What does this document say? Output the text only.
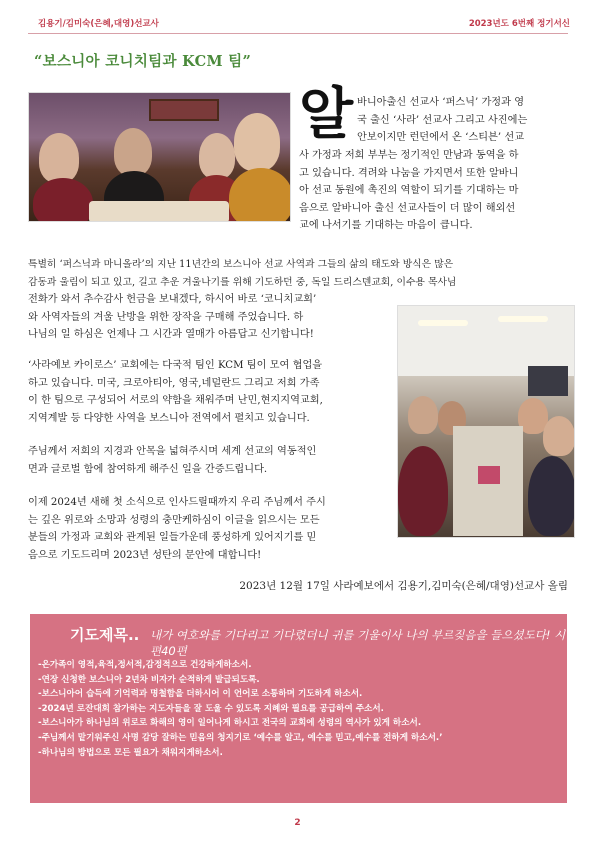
김용기/김미숙(은혜,대영)선교사	2023년도 6번째 정기서신
“보스니아 코니치팀과 KCM 팀”
알 바니아출신 선교사 ‘퍼스닉’ 가정과 영
국 출신 ‘사라’ 선교사 그리고 사진에는
안보이지만 런던에서 온 ‘스티븐’ 선교
사 가정과 저희 부부는 정기적인 만남과 동역을 하
고 있습니다. 격려와 나눔을 가지면서 또한 알바니
아 선교 동원에 촉진의 역할이 되기를 기대하는 마
음으로 알바니아 출신 선교사들이 더 많이 해외선
교에 나서기를 기대하는 마음이 큽니다.
특별히 ‘퍼스닉과 마니올라’의 지난 11년간의 보스니아 선교 사역과 그들의 삶의 태도와 방식은 많은
감동과 울림이 되고 있고, 길고 추운 겨울나기를 위해 기도하던 중, 독일 드리스덴교회, 이수용 목사님
전화가 와서 추수감사 헌금을 보내겠다, 하시어 바로 ‘코니치교회’
와 사역자들의 겨울 난방을 위한 장작을 구매해 주었습니다. 하
나님의 일 하심은 언제나 그 시간과 열매가 아름답고 신기합니다!
‘사라예보 카이로스’ 교회에는 다국적 팀인 KCM 팀이 모여 협업을
하고 있습니다. 미국, 크로아티아, 영국,네덜란드 그리고 저희 가족
이 한 팀으로 구성되어 서로의 약함을 채워주며 난민,현지지역교회,
지역계발 등 다양한 사역을 보스니아 전역에서 펼치고 있습니다.
주님께서 저희의 지경과 안목을 넓혀주시며 세계 선교의 역동적인
면과 글로벌 함에 참여하게 해주신 일을 간증드립니다.
이제 2024년 새해 첫 소식으로 인사드릴때까지 우리 주님께서 주시
는 깊은 위로와 소망과 성령의 충만케하심이 이글을 읽으시는 모든
분들의 가정과 교회와 관계된 일들가운데 풍성하게 있어지기를 믿
음으로 기도드리며 2023년 성탄의 문안에 대합니다!
2023년 12월 17일 사라예보에서 김용기,김미숙(은혜/대영)선교사 올림
기도제목.. 내가 여호와를 기다리고 기다렸더니 귀를 기울이사 나의 부르짖음을 들으셨도다! 시편40편
-온가족이 영적,육적,정서적,감정적으로 건강하게하소서.
-연장 신청한 보스니아 2년차 비자가 순적하게 발급되도록.
-보스니아어 습득에 기억력과 명철함을 더하시어 이 언어로 소통하며 기도하게 하소서.
-2024년 로잔대회 참가하는 지도자들을 잘 도울 수 있도록 지혜와 필요를 공급하여 주소서.
-보스니아가 하나님의 위로로 화해의 영이 일어나게 하시고 전국의 교회에 성령의 역사가 있게 하소서.
-주님께서 맡기워주신 사명 감당 잘하는 믿음의 청지기로 ‘예수를 알고, 예수를 믿고,예수를 전하게 하소서.’
-하나님의 방법으로 모든 필요가 채워지게하소서.
2
